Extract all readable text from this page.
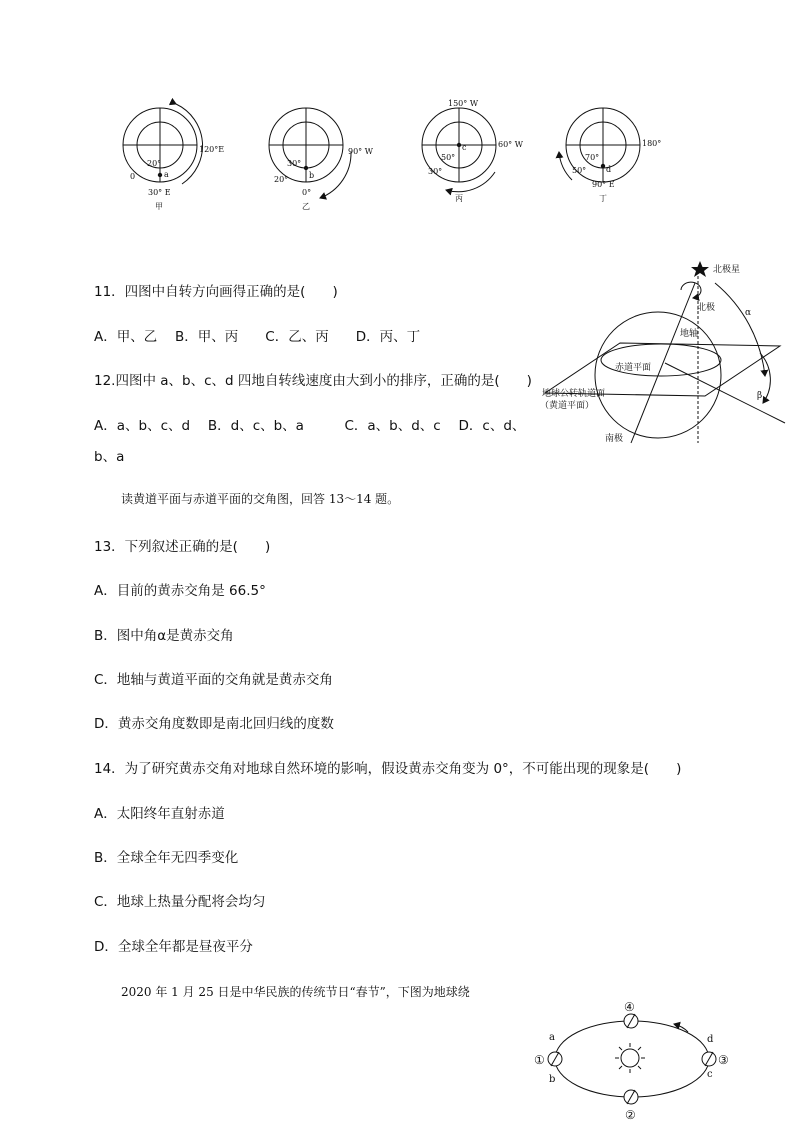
120°E
20°
a
0
30° E
甲
90° W
30°
b
20°
0°
乙
150° W
60° W
c
50°
30°
丙
180°
70°
d
50°
90° E
丁
11．四图中自转方向画得正确的是(　　)
A．甲、乙　 B．甲、丙　　C．乙、丙　　D．丙、丁
12.四图中 a、b、c、d 四地自转线速度由大到小的排序，正确的是(　　)
A．a、b、c、d　 B．d、c、b、a　　　C．a、b、d、c　 D．c、d、
b、a
北极星
北极
地轴
α
赤道平面
地球公转轨道面
（黄道平面）
β
南极
读黄道平面与赤道平面的交角图，回答 13～14 题。
13．下列叙述正确的是(　　)
A．目前的黄赤交角是 66.5°
B．图中角α是黄赤交角
C．地轴与黄道平面的交角就是黄赤交角
D．黄赤交角度数即是南北回归线的度数
14．为了研究黄赤交角对地球自然环境的影响，假设黄赤交角变为 0°，不可能出现的现象是(　　)
A．太阳终年直射赤道
B．全球全年无四季变化
C．地球上热量分配将会均匀
D．全球全年都是昼夜平分
2020 年 1 月 25 日是中华民族的传统节日“春节”，下图为地球绕
①
④
③
②
a
b	c
d
